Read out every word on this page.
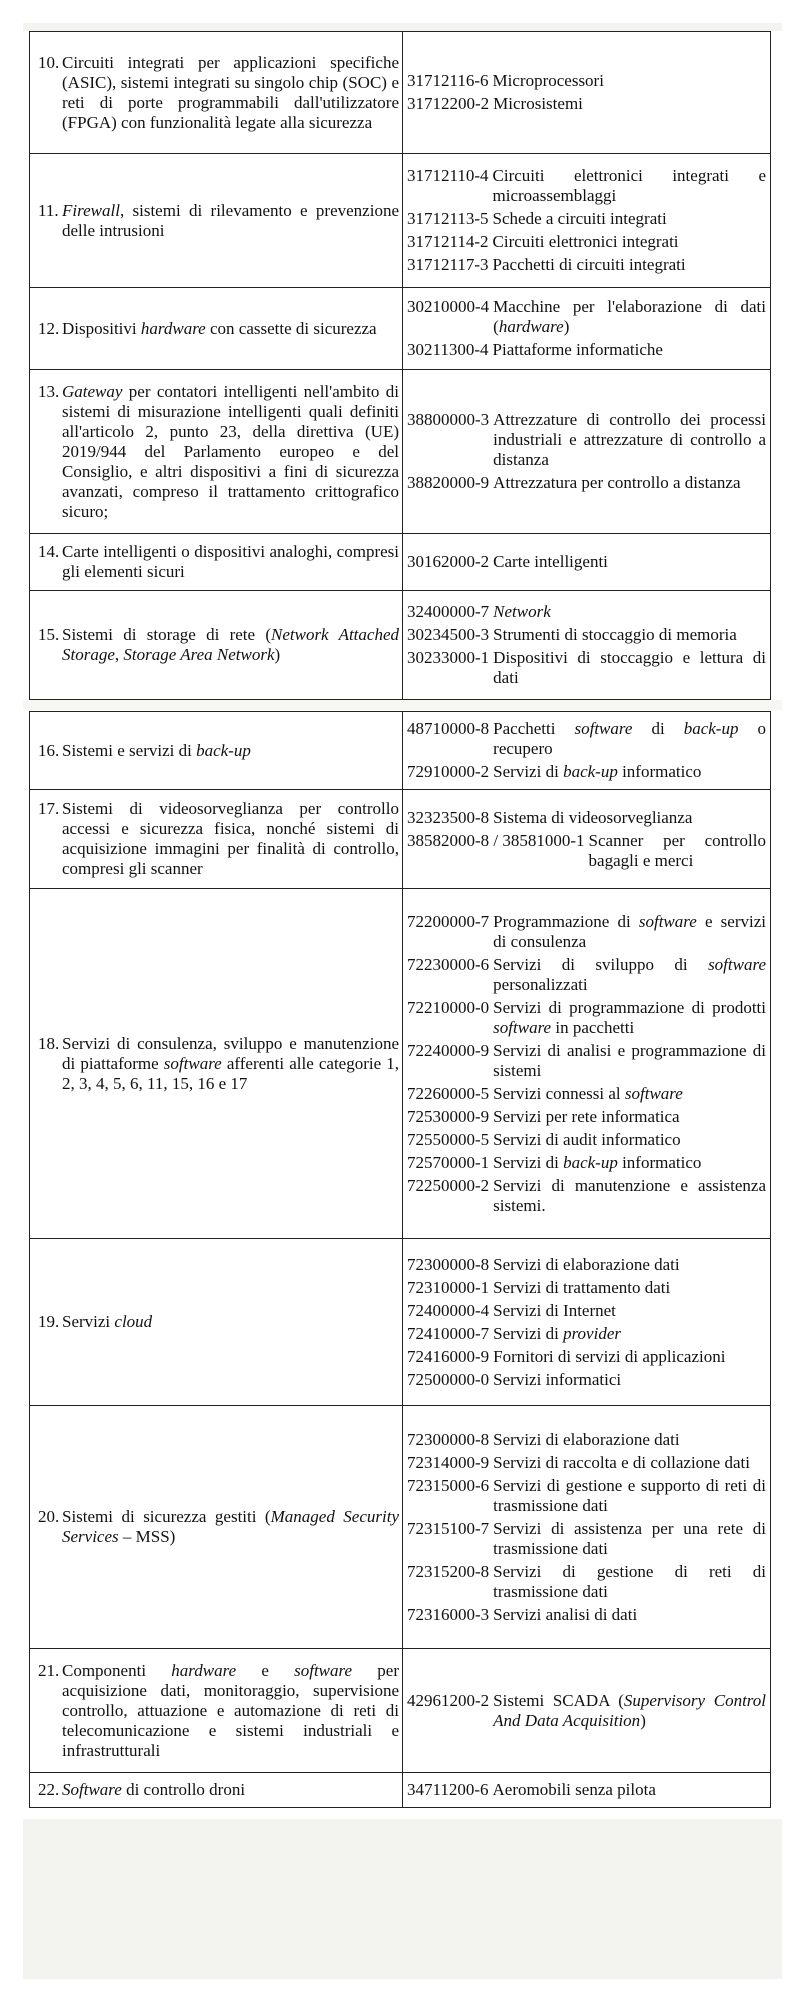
10. Circuiti integrati per applicazioni specifiche (ASIC), sistemi integrati su singolo chip (SOC) e reti di porte programmabili dall'utilizzatore (FPGA) con funzionalità legate alla sicurezza

31712116-6 Microprocessori
31712200-2 Microsistemi

11. Firewall, sistemi di rilevamento e prevenzione delle intrusioni

31712110-4 Circuiti elettronici integrati e microassemblaggi
31712113-5 Schede a circuiti integrati
31712114-2 Circuiti elettronici integrati
31712117-3 Pacchetti di circuiti integrati

12. Dispositivi hardware con cassette di sicurezza

30210000-4 Macchine per l'elaborazione di dati (hardware)
30211300-4 Piattaforme informatiche

13. Gateway per contatori intelligenti nell'ambito di sistemi di misurazione intelligenti quali definiti all'articolo 2, punto 23, della direttiva (UE) 2019/944 del Parlamento europeo e del Consiglio, e altri dispositivi a fini di sicurezza avanzati, compreso il trattamento crittografico sicuro;

38800000-3 Attrezzature di controllo dei processi industriali e attrezzature di controllo a distanza
38820000-9 Attrezzatura per controllo a distanza

14. Carte intelligenti o dispositivi analoghi, compresi gli elementi sicuri	30162000-2 Carte intelligenti

15. Sistemi di storage di rete (Network Attached Storage, Storage Area Network)

32400000-7 Network
30234500-3 Strumenti di stoccaggio di memoria
30233000-1 Dispositivi di stoccaggio e lettura di dati
16. Sistemi e servizi di back-up

48710000-8 Pacchetti software di back-up o recupero
72910000-2 Servizi di back-up informatico

17. Sistemi di videosorveglianza per controllo accessi e sicurezza fisica, nonché sistemi di acquisizione immagini per finalità di controllo, compresi gli scanner

32323500-8 Sistema di videosorveglianza
38582000-8 / 38581000-1 Scanner per controllo bagagli e merci

18. Servizi di consulenza, sviluppo e manutenzione di piattaforme software afferenti alle categorie 1, 2, 3, 4, 5, 6, 11, 15, 16 e 17

72200000-7 Programmazione di software e servizi di consulenza
72230000-6 Servizi di sviluppo di software personalizzati
72210000-0 Servizi di programmazione di prodotti software in pacchetti
72240000-9 Servizi di analisi e programmazione di sistemi
72260000-5 Servizi connessi al software
72530000-9 Servizi per rete informatica
72550000-5 Servizi di audit informatico
72570000-1 Servizi di back-up informatico
72250000-2 Servizi di manutenzione e assistenza sistemi.

19. Servizi cloud

72300000-8 Servizi di elaborazione dati
72310000-1 Servizi di trattamento dati
72400000-4 Servizi di Internet
72410000-7 Servizi di provider
72416000-9 Fornitori di servizi di applicazioni
72500000-0 Servizi informatici

20. Sistemi di sicurezza gestiti (Managed Security Services – MSS)

72300000-8 Servizi di elaborazione dati
72314000-9 Servizi di raccolta e di collazione dati
72315000-6 Servizi di gestione e supporto di reti di trasmissione dati
72315100-7 Servizi di assistenza per una rete di trasmissione dati
72315200-8 Servizi di gestione di reti di trasmissione dati
72316000-3 Servizi analisi di dati

21. Componenti hardware e software per acquisizione dati, monitoraggio, supervisione controllo, attuazione e automazione di reti di telecomunicazione e sistemi industriali e infrastrutturali	42961200-2 Sistemi SCADA (Supervisory Control And Data Acquisition)

22. Software di controllo droni	34711200-6 Aeromobili senza pilota
